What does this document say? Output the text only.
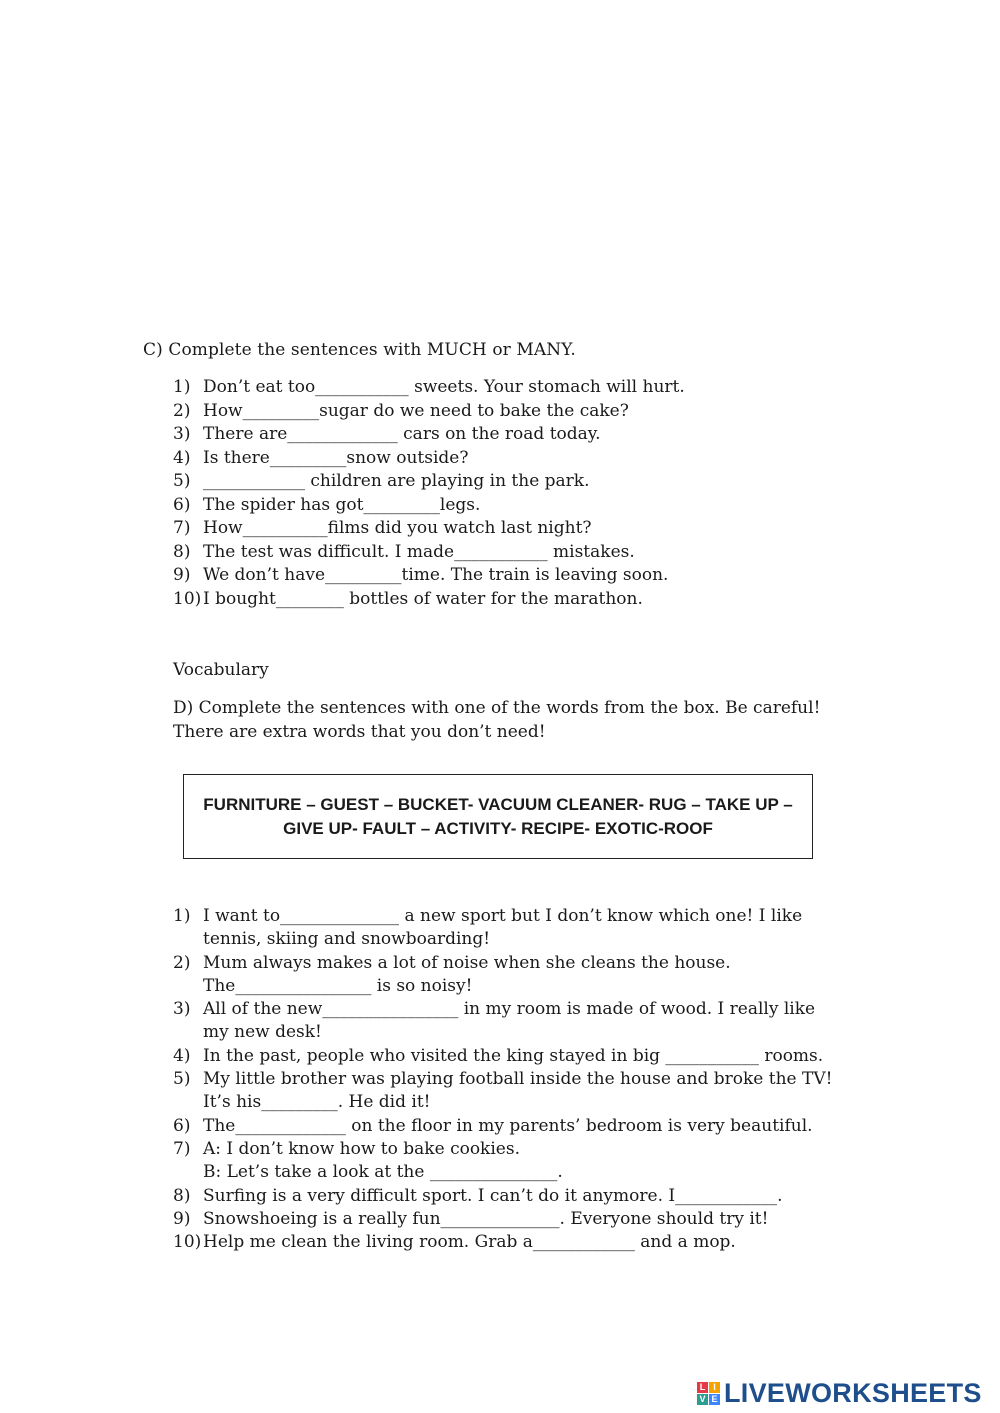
C) Complete the sentences with MUCH or MANY.
1) Don’t eat too___________ sweets. Your stomach will hurt.
2) How_________sugar do we need to bake the cake?
3) There are_____________ cars on the road today.
4) Is there_________snow outside?
5) ____________ children are playing in the park.
6) The spider has got_________legs.
7) How__________films did you watch last night?
8) The test was difficult. I made___________ mistakes.
9) We don’t have_________time. The train is leaving soon.
10) I bought________ bottles of water for the marathon.
Vocabulary
D) Complete the sentences with one of the words from the box. Be careful! There are extra words that you don’t need!
FURNITURE – GUEST – BUCKET- VACUUM CLEANER- RUG – TAKE UP – GIVE UP- FAULT – ACTIVITY- RECIPE- EXOTIC-ROOF
1) I want to______________ a new sport but I don’t know which one! I like
tennis, skiing and snowboarding!
2) Mum always makes a lot of noise when she cleans the house.
The________________ is so noisy!
3) All of the new________________ in my room is made of wood. I really like
my new desk!
4) In the past, people who visited the king stayed in big ___________ rooms.
5) My little brother was playing football inside the house and broke the TV!
It’s his_________. He did it!
6) The_____________ on the floor in my parents’ bedroom is very beautiful.
7) A: I don’t know how to bake cookies.
B: Let’s take a look at the _______________.
8) Surfing is a very difficult sport. I can’t do it anymore. I____________.
9) Snowshoeing is a really fun______________. Everyone should try it!
10) Help me clean the living room. Grab a____________ and a mop.
L I
V E LIVEWORKSHEETS
